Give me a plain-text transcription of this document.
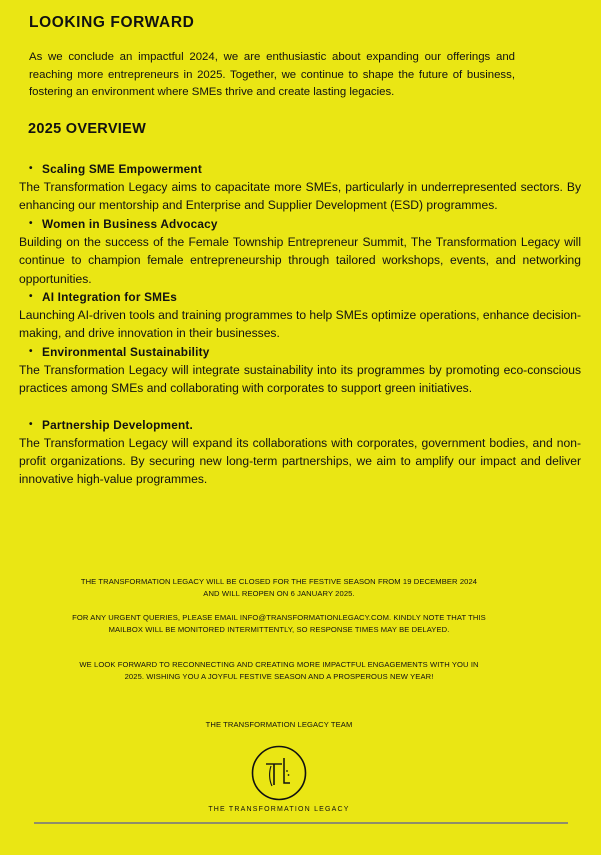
LOOKING FORWARD

As we conclude an impactful 2024, we are enthusiastic about expanding our offerings and reaching more entrepreneurs in 2025. Together, we continue to shape the future of business, fostering an environment where SMEs thrive and create lasting legacies.

2025 OVERVIEW
• Scaling SME Empowerment

The Transformation Legacy aims to capacitate more SMEs, particularly in underrepresented sectors. By enhancing our mentorship and Enterprise and Supplier Development (ESD) programmes.

• Women in Business Advocacy

Building on the success of the Female Township Entrepreneur Summit, The Transformation Legacy will continue to champion female entrepreneurship through tailored workshops, events, and networking opportunities.

• AI Integration for SMEs

Launching AI-driven tools and training programmes to help SMEs optimize operations, enhance decision-making, and drive innovation in their businesses.

• Environmental Sustainability

The Transformation Legacy will integrate sustainability into its programmes by promoting eco-conscious practices among SMEs and collaborating with corporates to support green initiatives.

• Partnership Development.

The Transformation Legacy will expand its collaborations with corporates, government bodies, and non-profit organizations. By securing new long-term partnerships, we aim to amplify our impact and deliver innovative high-value programmes.

THE TRANSFORMATION LEGACY WILL BE CLOSED FOR THE FESTIVE SEASON FROM 19 DECEMBER 2024 AND WILL REOPEN ON 6 JANUARY 2025.

FOR ANY URGENT QUERIES, PLEASE EMAIL INFO@TRANSFORMATIONLEGACY.COM. KINDLY NOTE THAT THIS MAILBOX WILL BE MONITORED INTERMITTENTLY, SO RESPONSE TIMES MAY BE DELAYED.

WE LOOK FORWARD TO RECONNECTING AND CREATING MORE IMPACTFUL ENGAGEMENTS WITH YOU IN 2025. WISHING YOU A JOYFUL FESTIVE SEASON AND A PROSPEROUS NEW YEAR!

THE TRANSFORMATION LEGACY TEAM

THE TRANSFORMATION LEGACY
